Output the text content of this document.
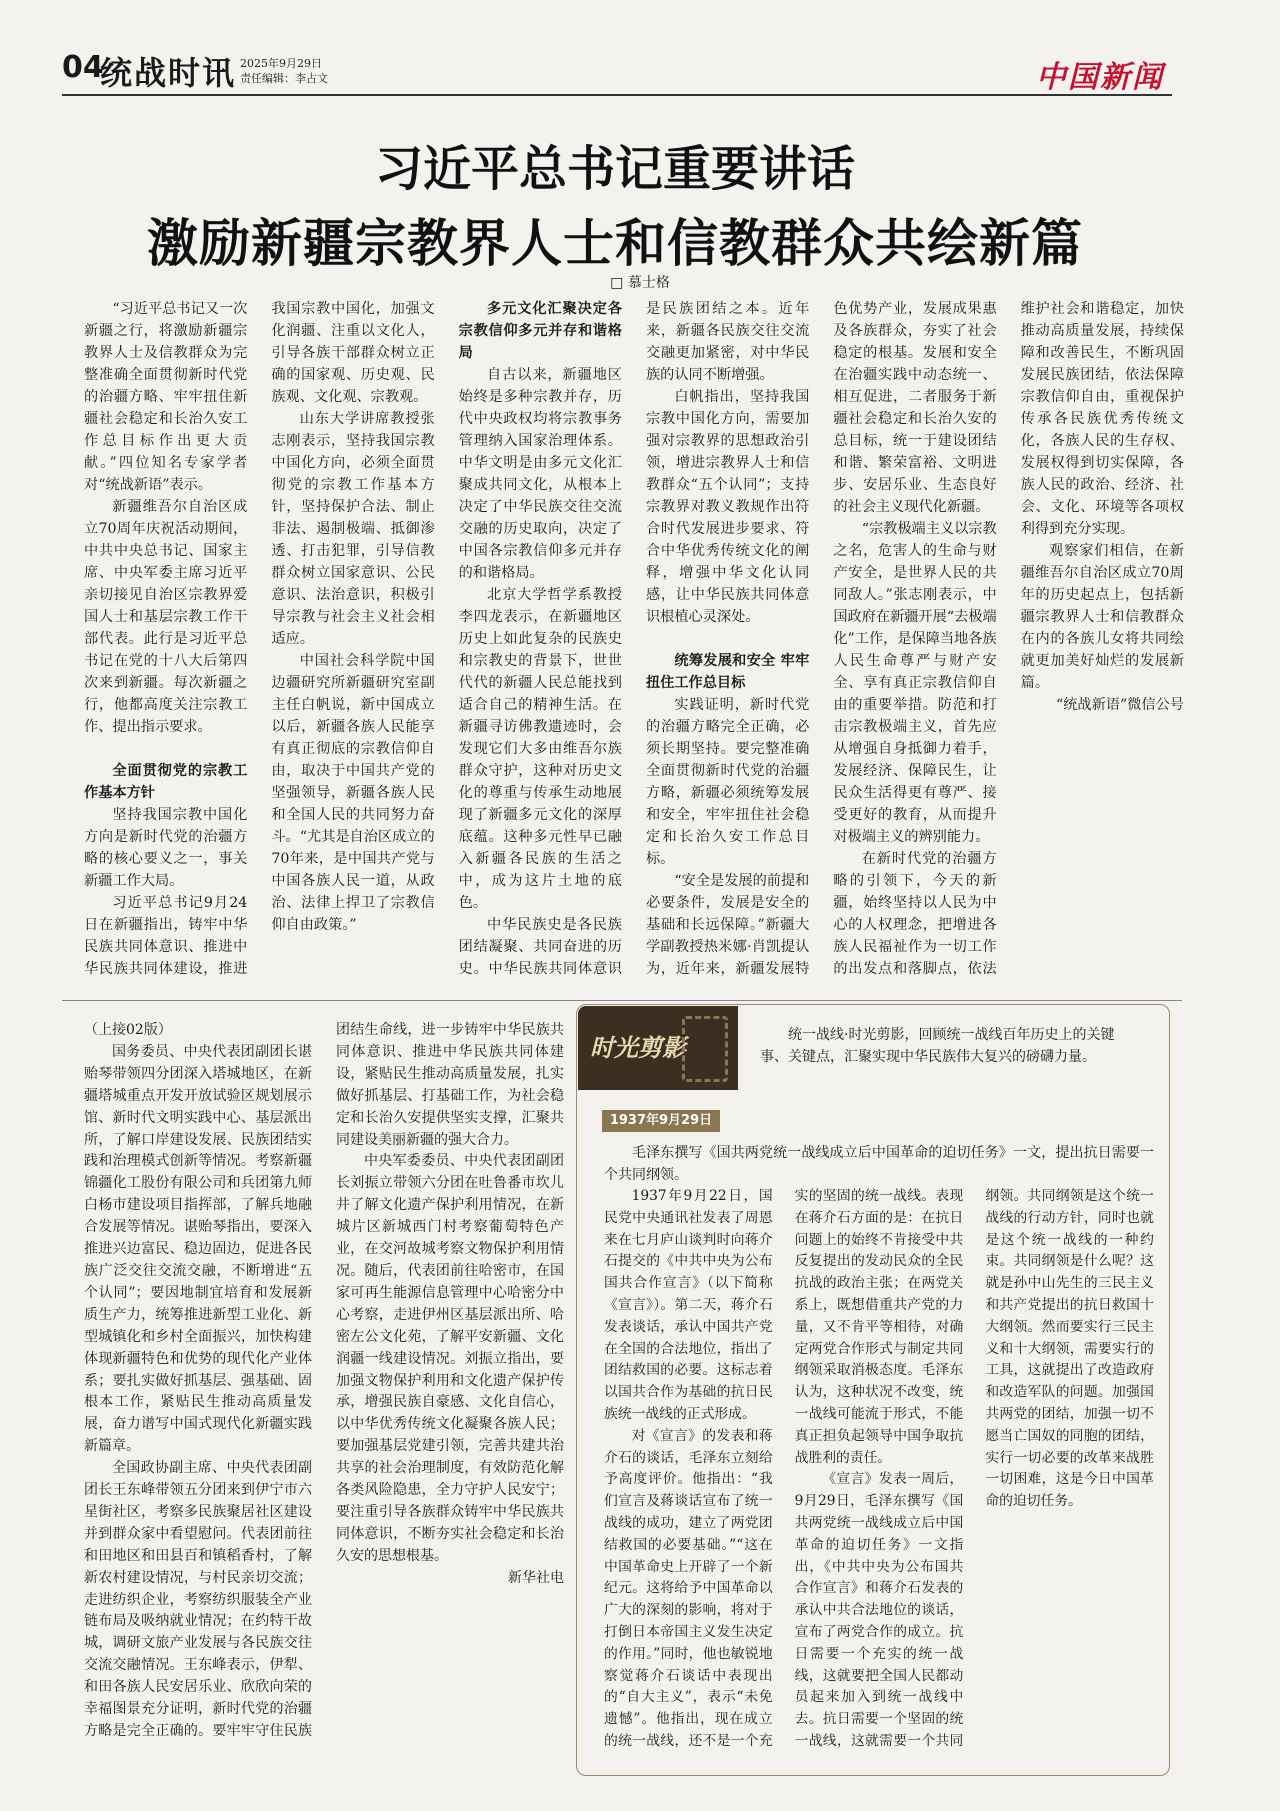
04
统战时讯 2025年9月29日
责任编辑：李占文	中国新闻
习近平总书记重要讲话
激励新疆宗教界人士和信教群众共绘新篇
□ 慕士格

“习近平总书记又一次新疆之行，将激励新疆宗教界人士及信教群众为完整准确全面贯彻新时代党的治疆方略、牢牢扭住新疆社会稳定和长治久安工作总目标作出更大贡献。”四位知名专家学者对“统战新语”表示。

新疆维吾尔自治区成立70周年庆祝活动期间，中共中央总书记、国家主席、中央军委主席习近平亲切接见自治区宗教界爱国人士和基层宗教工作干部代表。此行是习近平总书记在党的十八大后第四次来到新疆。每次新疆之行，他都高度关注宗教工作、提出指示要求。

全面贯彻党的宗教工作基本方针

坚持我国宗教中国化方向是新时代党的治疆方略的核心要义之一，事关新疆工作大局。

习近平总书记9月24日在新疆指出，铸牢中华民族共同体意识、推进中华民族共同体建设，推进我国宗教中国化，加强文化润疆、注重以文化人，引导各族干部群众树立正确的国家观、历史观、民族观、文化观、宗教观。

山东大学讲席教授张志刚表示，坚持我国宗教中国化方向，必须全面贯彻党的宗教工作基本方针，坚持保护合法、制止非法、遏制极端、抵御渗透、打击犯罪，引导信教群众树立国家意识、公民意识、法治意识，积极引导宗教与社会主义社会相适应。

中国社会科学院中国边疆研究所新疆研究室副主任白帆说，新中国成立以后，新疆各族人民能享有真正彻底的宗教信仰自由，取决于中国共产党的坚强领导，新疆各族人民和全国人民的共同努力奋斗。“尤其是自治区成立的70年来，是中国共产党与中国各族人民一道，从政治、法律上捍卫了宗教信仰自由政策。”

多元文化汇聚决定各宗教信仰多元并存和谐格局

自古以来，新疆地区始终是多种宗教并存，历代中央政权均将宗教事务管理纳入国家治理体系。中华文明是由多元文化汇聚成共同文化，从根本上决定了中华民族交往交流交融的历史取向，决定了中国各宗教信仰多元并存的和谐格局。

北京大学哲学系教授李四龙表示，在新疆地区历史上如此复杂的民族史和宗教史的背景下，世世代代的新疆人民总能找到适合自己的精神生活。在新疆寻访佛教遗迹时，会发现它们大多由维吾尔族群众守护，这种对历史文化的尊重与传承生动地展现了新疆多元文化的深厚底蕴。这种多元性早已融入新疆各民族的生活之中，成为这片土地的底色。

中华民族史是各民族团结凝聚、共同奋进的历史。中华民族共同体意识是民族团结之本。近年来，新疆各民族交往交流交融更加紧密，对中华民族的认同不断增强。

白帆指出，坚持我国宗教中国化方向，需要加强对宗教界的思想政治引领，增进宗教界人士和信教群众“五个认同”；支持宗教界对教义教规作出符合时代发展进步要求、符合中华优秀传统文化的阐释，增强中华文化认同感，让中华民族共同体意识根植心灵深处。

统筹发展和安全 牢牢扭住工作总目标

实践证明，新时代党的治疆方略完全正确，必须长期坚持。要完整准确全面贯彻新时代党的治疆方略，新疆必须统筹发展和安全，牢牢扭住社会稳定和长治久安工作总目标。

“安全是发展的前提和必要条件，发展是安全的基础和长远保障。”新疆大学副教授热米娜·肖凯提认为，近年来，新疆发展特色优势产业，发展成果惠及各族群众，夯实了社会稳定的根基。发展和安全在治疆实践中动态统一、相互促进，二者服务于新疆社会稳定和长治久安的总目标，统一于建设团结和谐、繁荣富裕、文明进步、安居乐业、生态良好的社会主义现代化新疆。

“宗教极端主义以宗教之名，危害人的生命与财产安全，是世界人民的共同敌人。”张志刚表示，中国政府在新疆开展“去极端化”工作，是保障当地各族人民生命尊严与财产安全、享有真正宗教信仰自由的重要举措。防范和打击宗教极端主义，首先应从增强自身抵御力着手，发展经济、保障民生，让民众生活得更有尊严、接受更好的教育，从而提升对极端主义的辨别能力。

在新时代党的治疆方略的引领下，今天的新疆，始终坚持以人民为中心的人权理念，把增进各族人民福祉作为一切工作的出发点和落脚点，依法维护社会和谐稳定，加快推动高质量发展，持续保障和改善民生，不断巩固发展民族团结，依法保障宗教信仰自由，重视保护传承各民族优秀传统文化，各族人民的生存权、发展权得到切实保障，各族人民的政治、经济、社会、文化、环境等各项权利得到充分实现。

观察家们相信，在新疆维吾尔自治区成立70周年的历史起点上，包括新疆宗教界人士和信教群众在内的各族儿女将共同绘就更加美好灿烂的发展新篇。

“统战新语”微信公号

（上接02版）

国务委员、中央代表团副团长谌贻琴带领四分团深入塔城地区，在新疆塔城重点开发开放试验区规划展示馆、新时代文明实践中心、基层派出所，了解口岸建设发展、民族团结实践和治理模式创新等情况。考察新疆锦疆化工股份有限公司和兵团第九师白杨市建设项目指挥部，了解兵地融合发展等情况。谌贻琴指出，要深入推进兴边富民、稳边固边，促进各民族广泛交往交流交融，不断增进“五个认同”；要因地制宜培育和发展新质生产力，统筹推进新型工业化、新型城镇化和乡村全面振兴，加快构建体现新疆特色和优势的现代化产业体系；要扎实做好抓基层、强基础、固根本工作，紧贴民生推动高质量发展，奋力谱写中国式现代化新疆实践新篇章。

全国政协副主席、中央代表团副团长王东峰带领五分团来到伊宁市六星街社区，考察多民族聚居社区建设并到群众家中看望慰问。代表团前往和田地区和田县百和镇稻香村，了解新农村建设情况，与村民亲切交流；走进纺织企业，考察纺织服装全产业链布局及吸纳就业情况；在约特干故城，调研文旅产业发展与各民族交往交流交融情况。王东峰表示，伊犁、和田各族人民安居乐业、欣欣向荣的幸福图景充分证明，新时代党的治疆方略是完全正确的。要牢牢守住民族团结生命线，进一步铸牢中华民族共同体意识、推进中华民族共同体建设，紧贴民生推动高质量发展，扎实做好抓基层、打基础工作，为社会稳定和长治久安提供坚实支撑，汇聚共同建设美丽新疆的强大合力。

中央军委委员、中央代表团副团长刘振立带领六分团在吐鲁番市坎儿井了解文化遗产保护利用情况，在新城片区新城西门村考察葡萄特色产业，在交河故城考察文物保护利用情况。随后，代表团前往哈密市，在国家可再生能源信息管理中心哈密分中心考察，走进伊州区基层派出所、哈密左公文化苑，了解平安新疆、文化润疆一线建设情况。刘振立指出，要加强文物保护利用和文化遗产保护传承，增强民族自豪感、文化自信心，以中华优秀传统文化凝聚各族人民；要加强基层党建引领，完善共建共治共享的社会治理制度，有效防范化解各类风险隐患，全力守护人民安宁；要注重引导各族群众铸牢中华民族共同体意识，不断夯实社会稳定和长治久安的思想根基。

新华社电

时光剪影	统一战线·时光剪影，回顾统一战线百年历史上的关键事、关键点，汇聚实现中华民族伟大复兴的磅礴力量。
1937年9月29日
毛泽东撰写《国共两党统一战线成立后中国革命的迫切任务》一文，提出抗日需要一个共同纲领。

1937年9月22日，国民党中央通讯社发表了周恩来在七月庐山谈判时向蒋介石提交的《中共中央为公布国共合作宣言》（以下简称《宣言》）。第二天，蒋介石发表谈话，承认中国共产党在全国的合法地位，指出了团结救国的必要。这标志着以国共合作为基础的抗日民族统一战线的正式形成。

对《宣言》的发表和蒋介石的谈话，毛泽东立刻给予高度评价。他指出：“我们宣言及蒋谈话宣布了统一战线的成功，建立了两党团结救国的必要基础。”“这在中国革命史上开辟了一个新纪元。这将给予中国革命以广大的深刻的影响，将对于打倒日本帝国主义发生决定的作用。”同时，他也敏锐地察觉蒋介石谈话中表现出的“自大主义”，表示“未免遗憾”。他指出，现在成立的统一战线，还不是一个充实的坚固的统一战线。表现在蒋介石方面的是：在抗日问题上的始终不肯接受中共反复提出的发动民众的全民抗战的政治主张；在两党关系上，既想借重共产党的力量，又不肯平等相待，对确定两党合作形式与制定共同纲领采取消极态度。毛泽东认为，这种状况不改变，统一战线可能流于形式，不能真正担负起领导中国争取抗战胜利的责任。

《宣言》发表一周后，9月29日，毛泽东撰写《国共两党统一战线成立后中国革命的迫切任务》一文指出，《中共中央为公布国共合作宣言》和蒋介石发表的承认中共合法地位的谈话，宣布了两党合作的成立。抗日需要一个充实的统一战线，这就要把全国人民都动员起来加入到统一战线中去。抗日需要一个坚固的统一战线，这就需要一个共同纲领。共同纲领是这个统一战线的行动方针，同时也就是这个统一战线的一种约束。共同纲领是什么呢？这就是孙中山先生的三民主义和共产党提出的抗日救国十大纲领。然而要实行三民主义和十大纲领，需要实行的工具，这就提出了改造政府和改造军队的问题。加强国共两党的团结，加强一切不愿当亡国奴的同胞的团结，实行一切必要的改革来战胜一切困难，这是今日中国革命的迫切任务。
